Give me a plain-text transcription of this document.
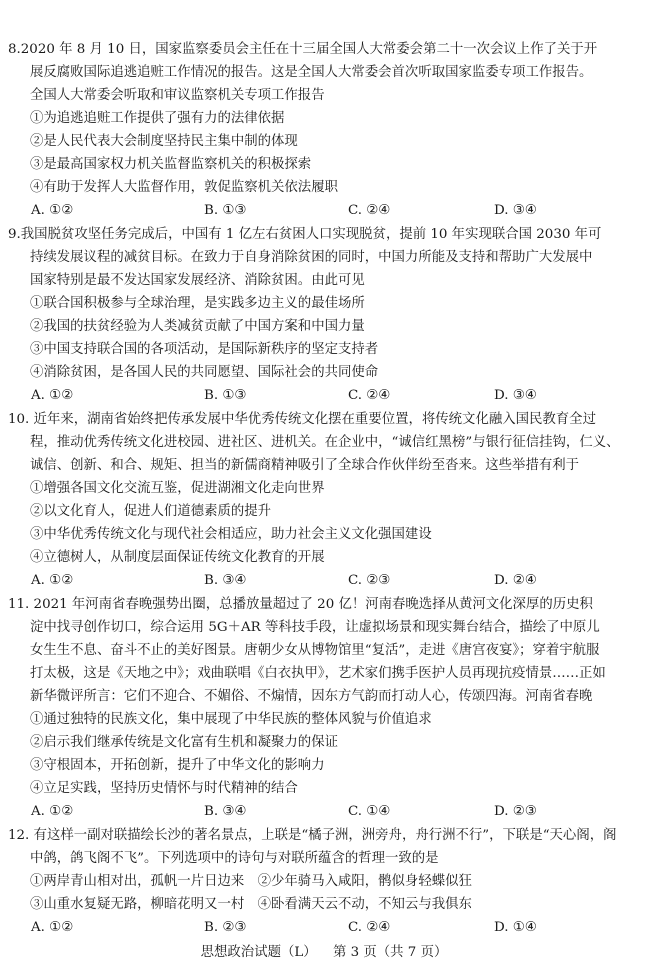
8.2020 年 8 月 10 日，国家监察委员会主任在十三届全国人大常委会第二十一次会议上作了关于开
展反腐败国际追逃追赃工作情况的报告。这是全国人大常委会首次听取国家监委专项工作报告。
全国人大常委会听取和审议监察机关专项工作报告
①为追逃追赃工作提供了强有力的法律依据
②是人民代表大会制度坚持民主集中制的体现
③是最高国家权力机关监督监察机关的积极探索
④有助于发挥人大监督作用，敦促监察机关依法履职
A. ①②	B. ①③	C. ②④	D. ③④
9.我国脱贫攻坚任务完成后，中国有 1 亿左右贫困人口实现脱贫，提前 10 年实现联合国 2030 年可
持续发展议程的减贫目标。在致力于自身消除贫困的同时，中国力所能及支持和帮助广大发展中
国家特别是最不发达国家发展经济、消除贫困。由此可见
①联合国积极参与全球治理，是实践多边主义的最佳场所
②我国的扶贫经验为人类减贫贡献了中国方案和中国力量
③中国支持联合国的各项活动，是国际新秩序的坚定支持者
④消除贫困，是各国人民的共同愿望、国际社会的共同使命
A. ①②	B. ①③	C. ②④	D. ③④
10. 近年来，湖南省始终把传承发展中华优秀传统文化摆在重要位置，将传统文化融入国民教育全过
程，推动优秀传统文化进校园、进社区、进机关。在企业中，“诚信红黑榜”与银行征信挂钩，仁义、
诚信、创新、和合、规矩、担当的新儒商精神吸引了全球合作伙伴纷至沓来。这些举措有利于
①增强各国文化交流互鉴，促进湖湘文化走向世界
②以文化育人，促进人们道德素质的提升
③中华优秀传统文化与现代社会相适应，助力社会主义文化强国建设
④立德树人，从制度层面保证传统文化教育的开展
A. ①②	B. ③④	C. ②③	D. ②④
11. 2021 年河南省春晚强势出圈，总播放量超过了 20 亿！河南春晚选择从黄河文化深厚的历史积
淀中找寻创作切口，综合运用 5G＋AR 等科技手段，让虚拟场景和现实舞台结合，描绘了中原儿
女生生不息、奋斗不止的美好图景。唐朝少女从博物馆里“复活”，走进《唐宫夜宴》；穿着宇航服
打太极，这是《天地之中》；戏曲联唱《白衣执甲》，艺术家们携手医护人员再现抗疫情景……正如
新华微评所言：它们不迎合、不媚俗、不煽情，因东方气韵而打动人心，传颂四海。河南省春晚
①通过独特的民族文化，集中展现了中华民族的整体风貌与价值追求
②启示我们继承传统是文化富有生机和凝聚力的保证
③守根固本，开拓创新，提升了中华文化的影响力
④立足实践，坚持历史情怀与时代精神的结合
A. ①②	B. ③④	C. ①④	D. ②③
12. 有这样一副对联描绘长沙的著名景点，上联是“橘子洲，洲旁舟，舟行洲不行”，下联是“天心阁，阁
中鸽，鸽飞阁不飞”。下列选项中的诗句与对联所蕴含的哲理一致的是
①两岸青山相对出，孤帆一片日边来　②少年骑马入咸阳，鹘似身轻蝶似狂
③山重水复疑无路，柳暗花明又一村　④卧看满天云不动，不知云与我俱东
A. ①②	B. ②③	C. ②④	D. ①④
思想政治试题（L） 第 3 页（共 7 页）
